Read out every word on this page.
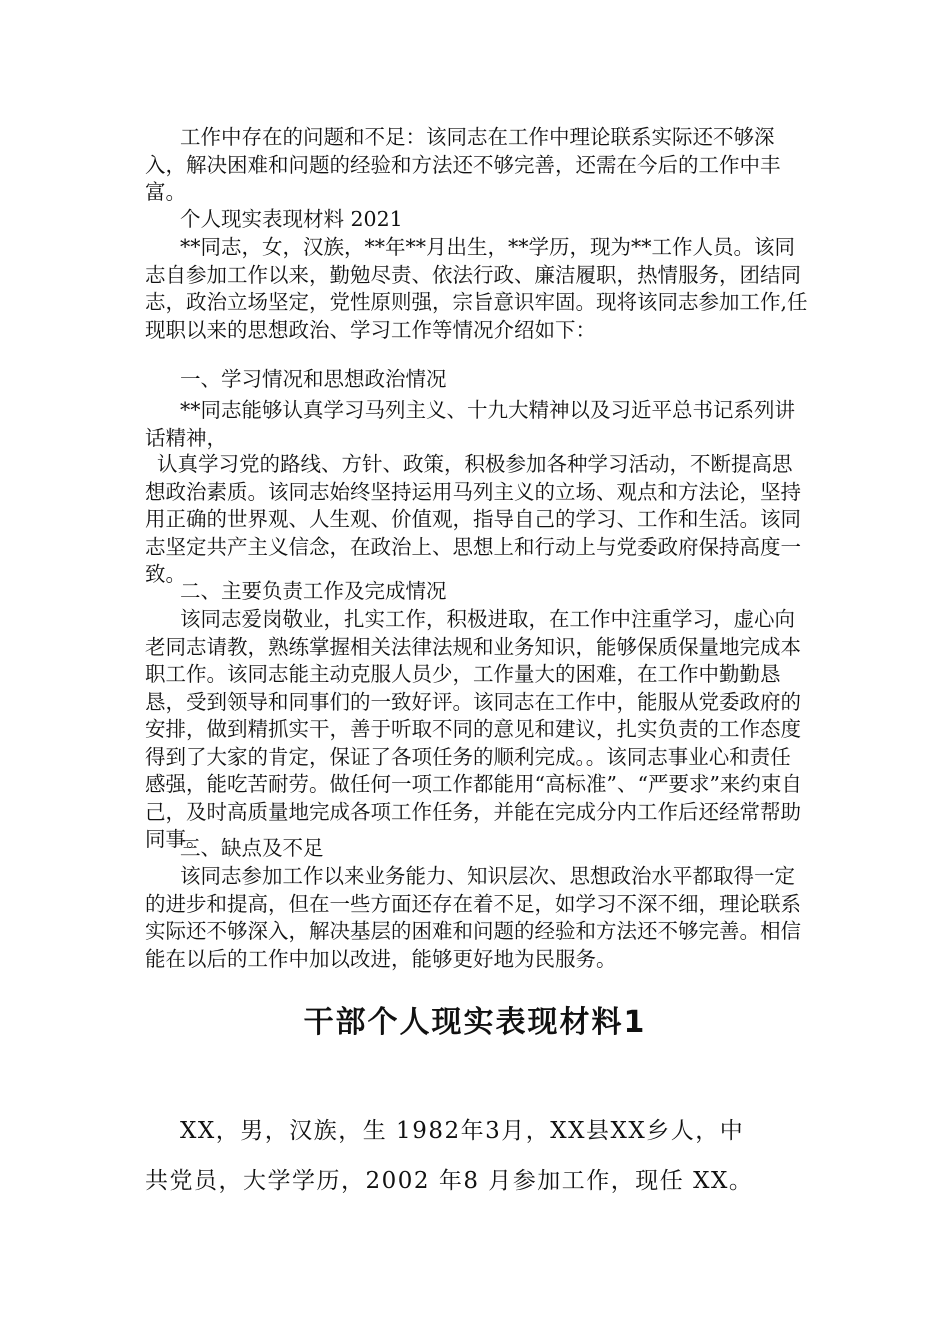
工作中存在的问题和不足：该同志在工作中理论联系实际还不够深入，解决困难和问题的经验和方法还不够完善，还需在今后的工作中丰富。

个人现实表现材料 2021

**同志，女，汉族，**年**月出生，**学历，现为**工作人员。该同志自参加工作以来，勤勉尽责、依法行政、廉洁履职，热情服务，团结同志，政治立场坚定，党性原则强，宗旨意识牢固。现将该同志参加工作,任现职以来的思想政治、学习工作等情况介绍如下：

一、学习情况和思想政治情况

**同志能够认真学习马列主义、十九大精神以及习近平总书记系列讲话精神，

认真学习党的路线、方针、政策，积极参加各种学习活动，不断提高思想政治素质。该同志始终坚持运用马列主义的立场、观点和方法论，坚持用正确的世界观、人生观、价值观，指导自己的学习、工作和生活。该同志坚定共产主义信念，在政治上、思想上和行动上与党委政府保持高度一致。

二、主要负责工作及完成情况

该同志爱岗敬业，扎实工作，积极进取，在工作中注重学习，虚心向老同志请教，熟练掌握相关法律法规和业务知识，能够保质保量地完成本职工作。该同志能主动克服人员少，工作量大的困难，在工作中勤勤恳恳，受到领导和同事们的一致好评。该同志在工作中，能服从党委政府的安排，做到精抓实干，善于听取不同的意见和建议，扎实负责的工作态度得到了大家的肯定，保证了各项任务的顺利完成。。该同志事业心和责任感强，能吃苦耐劳。做任何一项工作都能用“高标准”、“严要求”来约束自己，及时高质量地完成各项工作任务，并能在完成分内工作后还经常帮助同事。

三、缺点及不足

该同志参加工作以来业务能力、知识层次、思想政治水平都取得一定的进步和提高，但在一些方面还存在着不足，如学习不深不细，理论联系实际还不够深入，解决基层的困难和问题的经验和方法还不够完善。相信能在以后的工作中加以改进，能够更好地为民服务。

干部个人现实表现材料1

XX，男，汉族，生 1982年3月，XX县XX乡人，中

共党员，大学学历，2002 年8 月参加工作，现任 XX。
